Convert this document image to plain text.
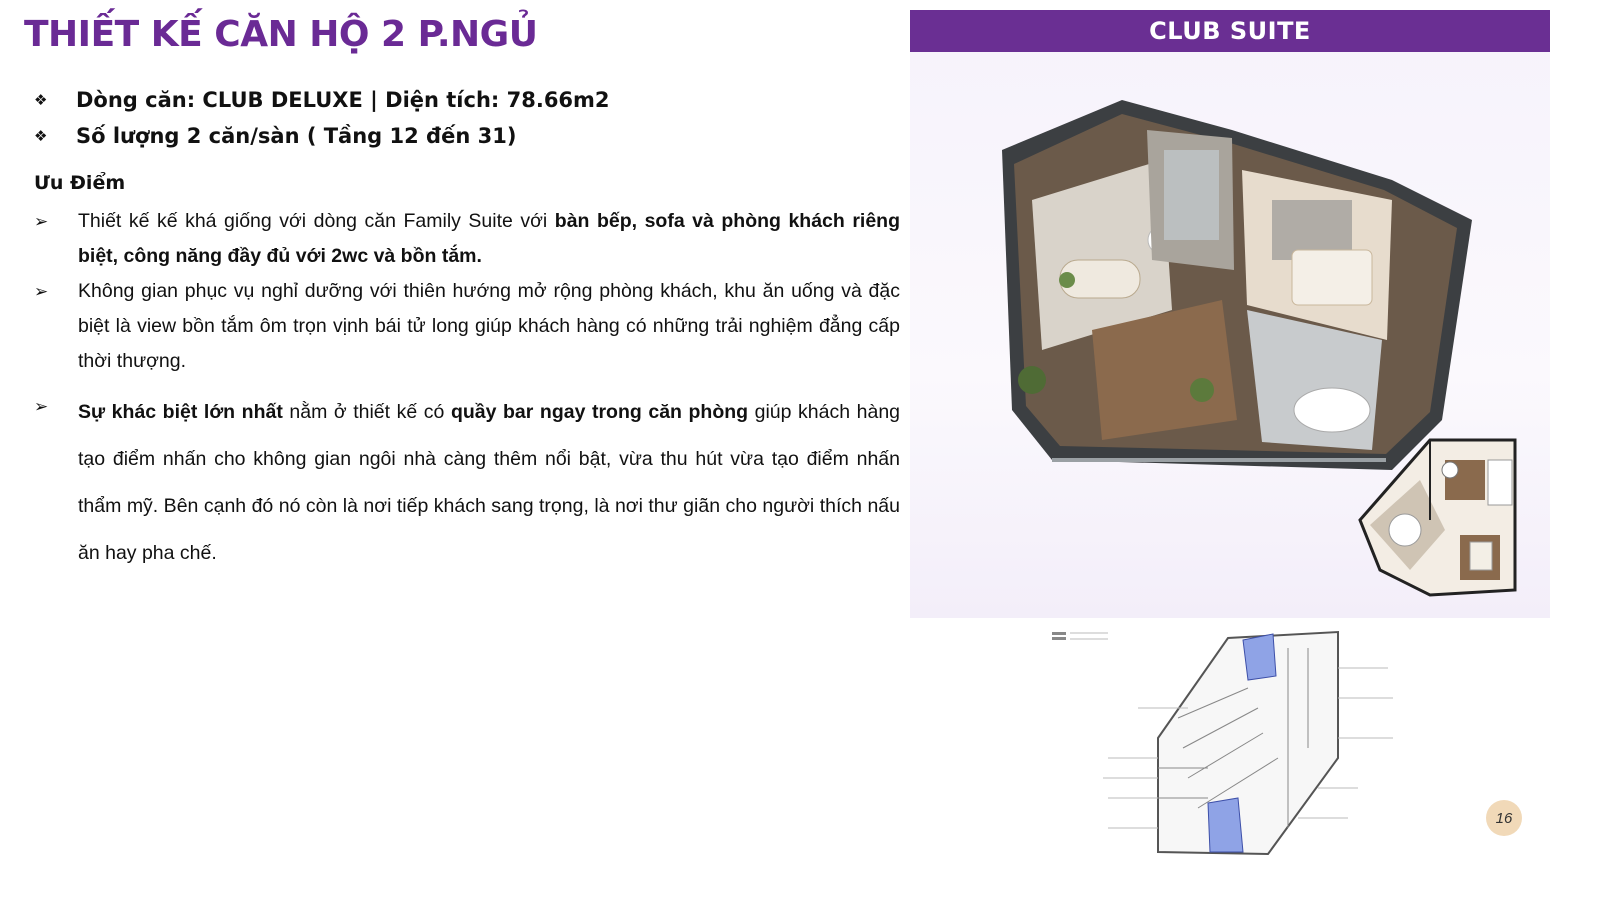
THIẾT KẾ CĂN HỘ 2 P.NGỦ
❖	Dòng căn: CLUB DELUXE | Diện tích: 78.66m2
❖	Số lượng 2 căn/sàn ( Tầng 12 đến 31)
Ưu Điểm
➢	Thiết kế kế khá giống với dòng căn Family Suite với bàn bếp, sofa và phòng khách riêng biệt, công năng đầy đủ với 2wc và bồn tắm.
➢	Không gian phục vụ nghỉ dưỡng với thiên hướng mở rộng phòng khách, khu ăn uống và đặc biệt là view bồn tắm ôm trọn vịnh bái tử long giúp khách hàng có những trải nghiệm đẳng cấp thời thượng.
➢	Sự khác biệt lớn nhất nằm ở thiết kế có quầy bar ngay trong căn phòng giúp khách hàng tạo điểm nhấn cho không gian ngôi nhà càng thêm nổi bật, vừa thu hút vừa tạo điểm nhấn thẩm mỹ. Bên cạnh đó nó còn là nơi tiếp khách sang trọng, là nơi thư giãn cho người thích nấu ăn hay pha chế.
CLUB SUITE
16
